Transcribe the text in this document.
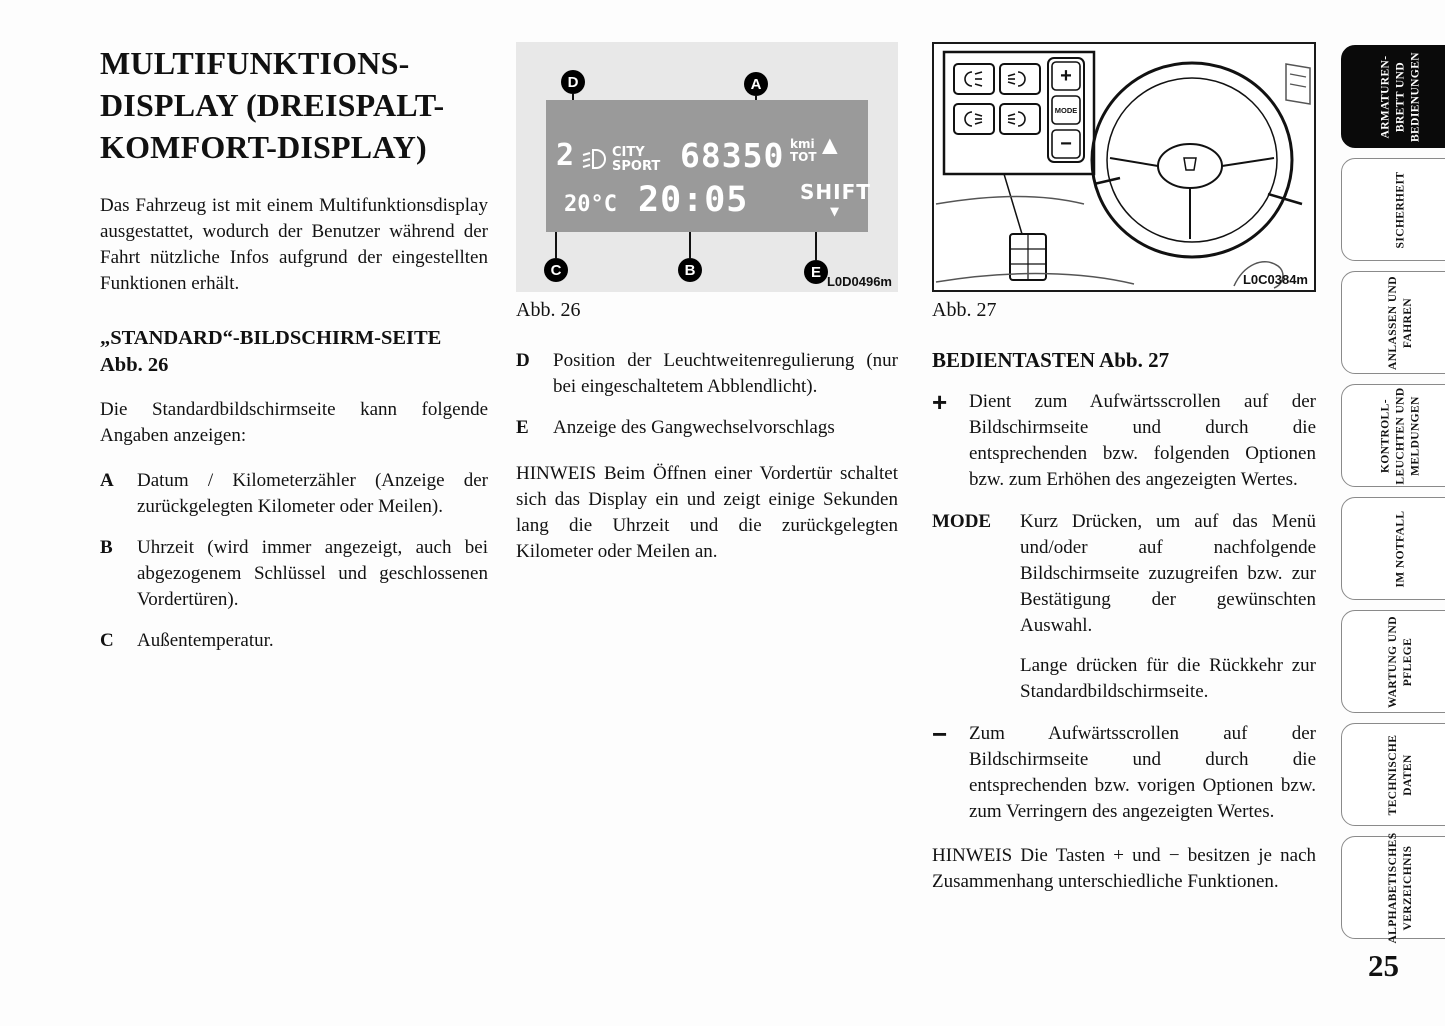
MULTIFUNKTIONS-DISPLAY (DREISPALT-KOMFORT-DISPLAY)

Das Fahrzeug ist mit einem Multifunktionsdisplay ausgestattet, wodurch der Benutzer während der Fahrt nützliche Infos aufgrund der eingestellten Funktionen erhält.

„STANDARD“-BILDSCHIRM-SEITE Abb. 26

Die Standardbildschirmseite kann folgende Angaben anzeigen:

A Datum / Kilometerzähler (Anzeige der zurückgelegten Kilometer oder Meilen).
B Uhrzeit (wird immer angezeigt, auch bei abgezogenem Schlüssel und geschlossenen Vordertüren).
C Außentemperatur.
2	CITY
SPORT 68350 kmi
TOT ▲
SHIFT
▼
20°C 20:05
D	A
C	B	E
L0D0496m
Abb. 26
D Position der Leuchtweitenregulierung (nur bei eingeschaltetem Abblendlicht).
E Anzeige des Gangwechselvorschlags

HINWEIS Beim Öffnen einer Vordertür schaltet sich das Display ein und zeigt einige Sekunden lang die Uhrzeit und die zurückgelegten Kilometer oder Meilen an.

+
MODE
−
L0C0384m
Abb. 27
BEDIENTASTEN Abb. 27
+ Dient zum Aufwärtsscrollen auf der Bildschirmseite und durch die entsprechenden bzw. folgenden Optionen bzw. zum Erhöhen des angezeigten Wertes.
MODE Kurz Drücken, um auf das Menü und/oder auf nachfolgende Bildschirmseite zuzugreifen bzw. zur Bestätigung der gewünschten Auswahl.

Lange drücken für die Rückkehr zur Standardbildschirmseite.

− Zum Aufwärtsscrollen auf der Bildschirmseite und durch die entsprechenden bzw. vorigen Optionen bzw. zum Verringern des angezeigten Wertes.

HINWEIS Die Tasten + und − besitzen je nach Zusammenhang unterschiedliche Funktionen.

ARMATUREN-BRETT UND BEDIENUNGEN
SICHERHEIT
ANLASSEN UND FAHREN
KONTROLL-LEUCHTEN UND MELDUNGEN
IM NOTFALL
WARTUNG UND PFLEGE
TECHNISCHE DATEN
ALPHABETISCHES VERZEICHNIS
25
